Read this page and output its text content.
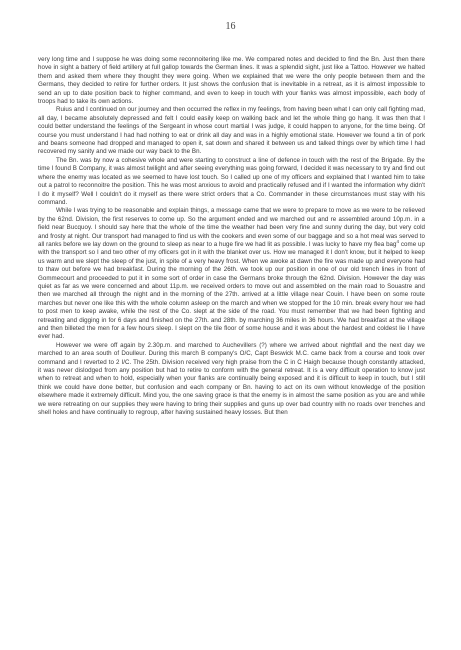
16

very long time and I suppose he was doing some reconnoitering like me. We compared notes and decided to find the Bn. Just then there hove in sight a battery of field artillery at full gallop towards the German lines. It was a splendid sight, just like a Tattoo. However we halted them and asked them where they thought they were going. When we explained that we were the only people between them and the Germans, they decided to retire for further orders. It just shows the confusion that is inevitable in a retreat, as it is almost impossible to send an up to date position back to higher command, and even to keep in touch with your flanks was almost impossible, each body of troops had to take its own actions.

Ruius and I continued on our journey and then occurred the reflex in my feelings, from having been what I can only call fighting mad, all day, I became absolutely depressed and felt I could easily keep on walking back and let the whole thing go hang. It was then that I could better understand the feelings of the Sergeant in whose court martial I was judge, it could happen to anyone, for the time being. Of course you must understand I had had nothing to eat or drink all day and was in a highly emotional state. However we found a tin of pork and beans someone had dropped and managed to open it, sat down and shared it between us and talked things over by which time I had recovered my sanity and we made our way back to the Bn.

The Bn. was by now a cohesive whole and were starting to construct a line of defence in touch with the rest of the Brigade. By the time I found B Company, it was almost twilight and after seeing everything was going forward, I decided it was necessary to try and find out where the enemy was located as we seemed to have lost touch. So I called up one of my officers and explained that I wanted him to take out a patrol to reconnoitre the position. This he was most anxious to avoid and practically refused and if I wanted the information why didn't I do it myself? Well I couldn't do it myself as there were strict orders that a Co. Commander in these circumstances must stay with his command.

While I was trying to be reasonable and explain things, a message came that we were to prepare to move as we were to be relieved by the 62nd. Division, the first reserves to come up. So the argument ended and we marched out and re assembled around 10p.m. in a field near Bucquoy. I should say here that the whole of the time the weather had been very fine and sunny during the day, but very cold and frosty at night. Our transport had managed to find us with the cookers and even some of our baggage and so a hot meal was served to all ranks before we lay down on the ground to sleep as near to a huge fire we had lit as possible. I was lucky to have my flea bag$^4$ come up with the transport so I and two other of my officers got in it with the blanket over us. How we managed it I don't know, but it helped to keep us warm and we slept the sleep of the just, in spite of a very heavy frost. When we awoke at dawn the fire was made up and everyone had to thaw out before we had breakfast. During the morning of the 26th. we took up our position in one of our old trench lines in front of Gommecourt and proceeded to put it in some sort of order in case the Germans broke through the 62nd. Division. However the day was quiet as far as we were concerned and about 11p.m. we received orders to move out and assembled on the main road to Souastre and then we marched all through the night and in the morning of the 27th. arrived at a little village near Couin. I have been on some route marches but never one like this with the whole column asleep on the march and when we stopped for the 10 min. break every hour we had to post men to keep awake, while the rest of the Co. slept at the side of the road. You must remember that we had been fighting and retreating and digging in for 6 days and finished on the 27th. and 28th. by marching 36 miles in 36 hours. We had breakfast at the village and then billeted the men for a few hours sleep. I slept on the tile floor of some house and it was about the hardest and coldest lie I have ever had.

However we were off again by 2.30p.m. and marched to Auchevillers (?) where we arrived about nightfall and the next day we marched to an area south of Doulleur. During this march B company's O/C, Capt Beswick M.C. came back from a course and took over command and I reverted to 2 I/C. The 25th. Division received very high praise from the C in C Haigh because though constantly attacked, it was never dislodged from any position but had to retire to conform with the general retreat. It is a very difficult operation to know just when to retreat and when to hold, especially when your flanks are continually being exposed and it is difficult to keep in touch, but I still think we could have done better, but confusion and each company or Bn. having to act on its own without knowledge of the position elsewhere made it extremely difficult. Mind you, the one saving grace is that the enemy is in almost the same position as you are and while we were retreating on our supplies they were having to bring their supplies and guns up over bad country with no roads over trenches and shell holes and have continually to regroup, after having sustained heavy losses. But then
